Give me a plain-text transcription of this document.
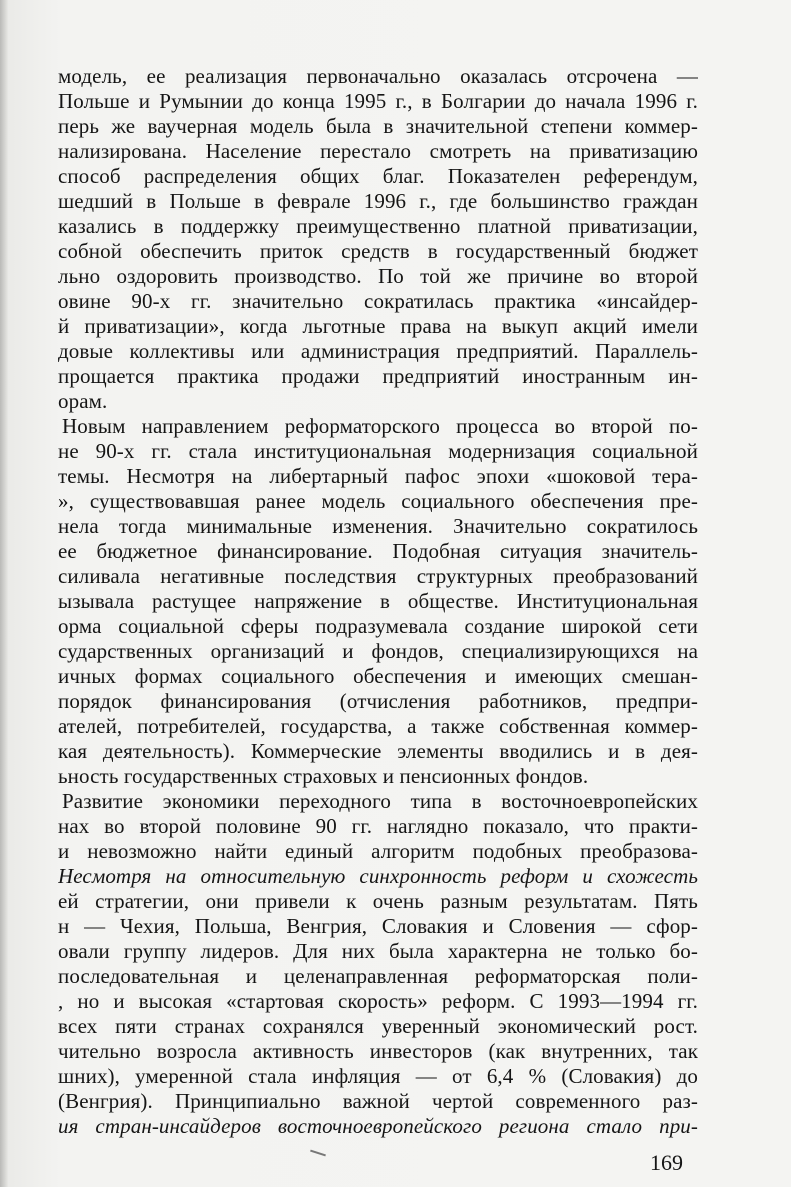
модель, ее реализация первоначально оказалась отсрочена —
Польше и Румынии до конца 1995 г., в Болгарии до начала 1996 г.
перь же ваучерная модель была в значительной степени коммер-
нализирована. Население перестало смотреть на приватизацию
способ распределения общих благ. Показателен референдум,
шедший в Польше в феврале 1996 г., где большинство граждан
казались в поддержку преимущественно платной приватизации,
собной обеспечить приток средств в государственный бюджет
льно оздоровить производство. По той же причине во второй
овине 90-х гг. значительно сократилась практика «инсайдер-
й приватизации», когда льготные права на выкуп акций имели
довые коллективы или администрация предприятий. Параллель-
прощается практика продажи предприятий иностранным ин-
орам.
Новым направлением реформаторского процесса во второй по-
не 90-х гг. стала институциональная модернизация социальной
темы. Несмотря на либертарный пафос эпохи «шоковой тера-
», существовавшая ранее модель социального обеспечения пре-
нела тогда минимальные изменения. Значительно сократилось
ее бюджетное финансирование. Подобная ситуация значитель-
силивала негативные последствия структурных преобразований
ызывала растущее напряжение в обществе. Институциональная
орма социальной сферы подразумевала создание широкой сети
сударственных организаций и фондов, специализирующихся на
ичных формах социального обеспечения и имеющих смешан-
порядок финансирования (отчисления работников, предпри-
ателей, потребителей, государства, а также собственная коммер-
кая деятельность). Коммерческие элементы вводились и в дея-
ьность государственных страховых и пенсионных фондов.
Развитие экономики переходного типа в восточноевропейских
нах во второй половине 90 гг. наглядно показало, что практи-
и невозможно найти единый алгоритм подобных преобразова-
Несмотря на относительную синхронность реформ и схожесть
ей стратегии, они привели к очень разным результатам. Пять
н — Чехия, Польша, Венгрия, Словакия и Словения — сфор-
овали группу лидеров. Для них была характерна не только бо-
последовательная и целенаправленная реформаторская поли-
, но и высокая «стартовая скорость» реформ. С 1993—1994 гг.
всех пяти странах сохранялся уверенный экономический рост.
чительно возросла активность инвесторов (как внутренних, так
шних), умеренной стала инфляция — от 6,4 % (Словакия) до
(Венгрия). Принципиально важной чертой современного раз-
ия стран-инсайдеров восточноевропейского региона стало при-
169
